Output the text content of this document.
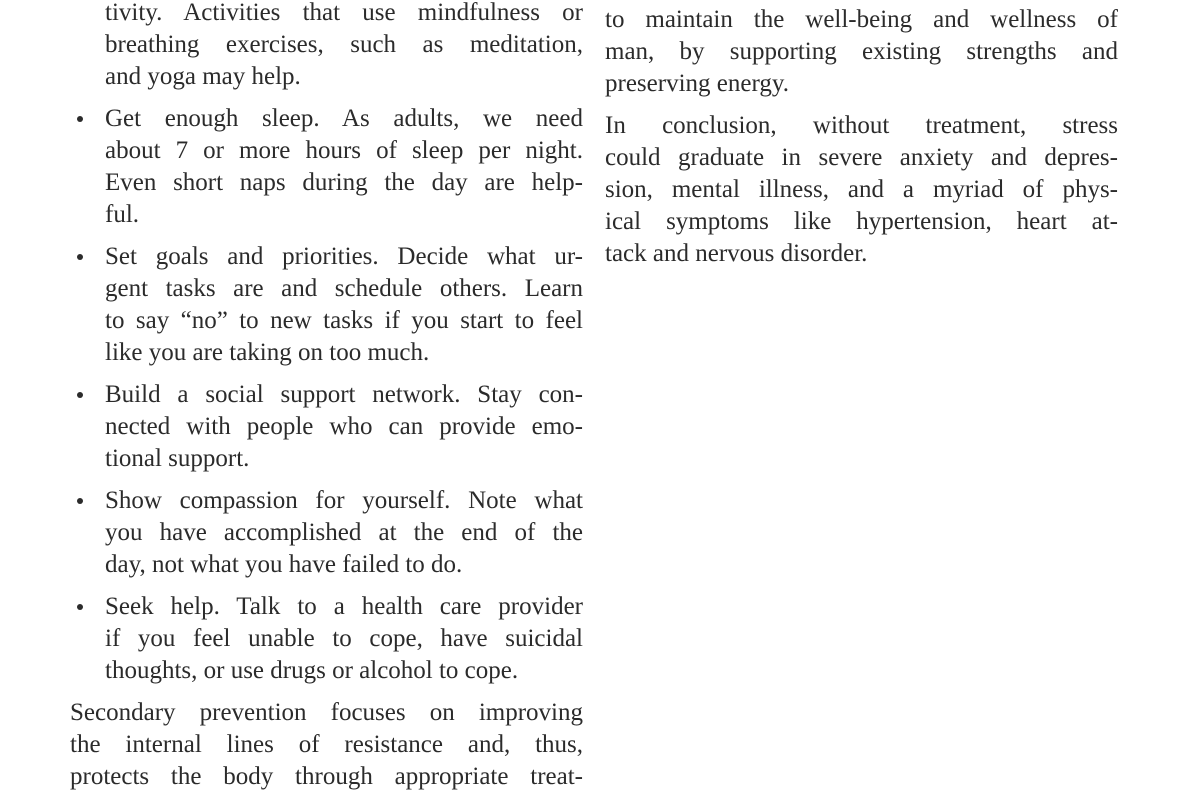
tivity. Activities that use mindfulness or
breathing exercises, such as meditation,
and yoga may help.
Get enough sleep. As adults, we need
about 7 or more hours of sleep per night.
Even short naps during the day are help-
ful.
Set goals and priorities. Decide what ur-
gent tasks are and schedule others. Learn
to say “no” to new tasks if you start to feel
like you are taking on too much.
Build a social support network. Stay con-
nected with people who can provide emo-
tional support.
Show compassion for yourself. Note what
you have accomplished at the end of the
day, not what you have failed to do.
Seek help. Talk to a health care provider
if you feel unable to cope, have suicidal
thoughts, or use drugs or alcohol to cope.
Secondary prevention focuses on improving
the internal lines of resistance and, thus,
protects the body through appropriate treat-
to maintain the well-being and wellness of
man, by supporting existing strengths and
preserving energy.
In conclusion, without treatment, stress
could graduate in severe anxiety and depres-
sion, mental illness, and a myriad of phys-
ical symptoms like hypertension, heart at-
tack and nervous disorder.
